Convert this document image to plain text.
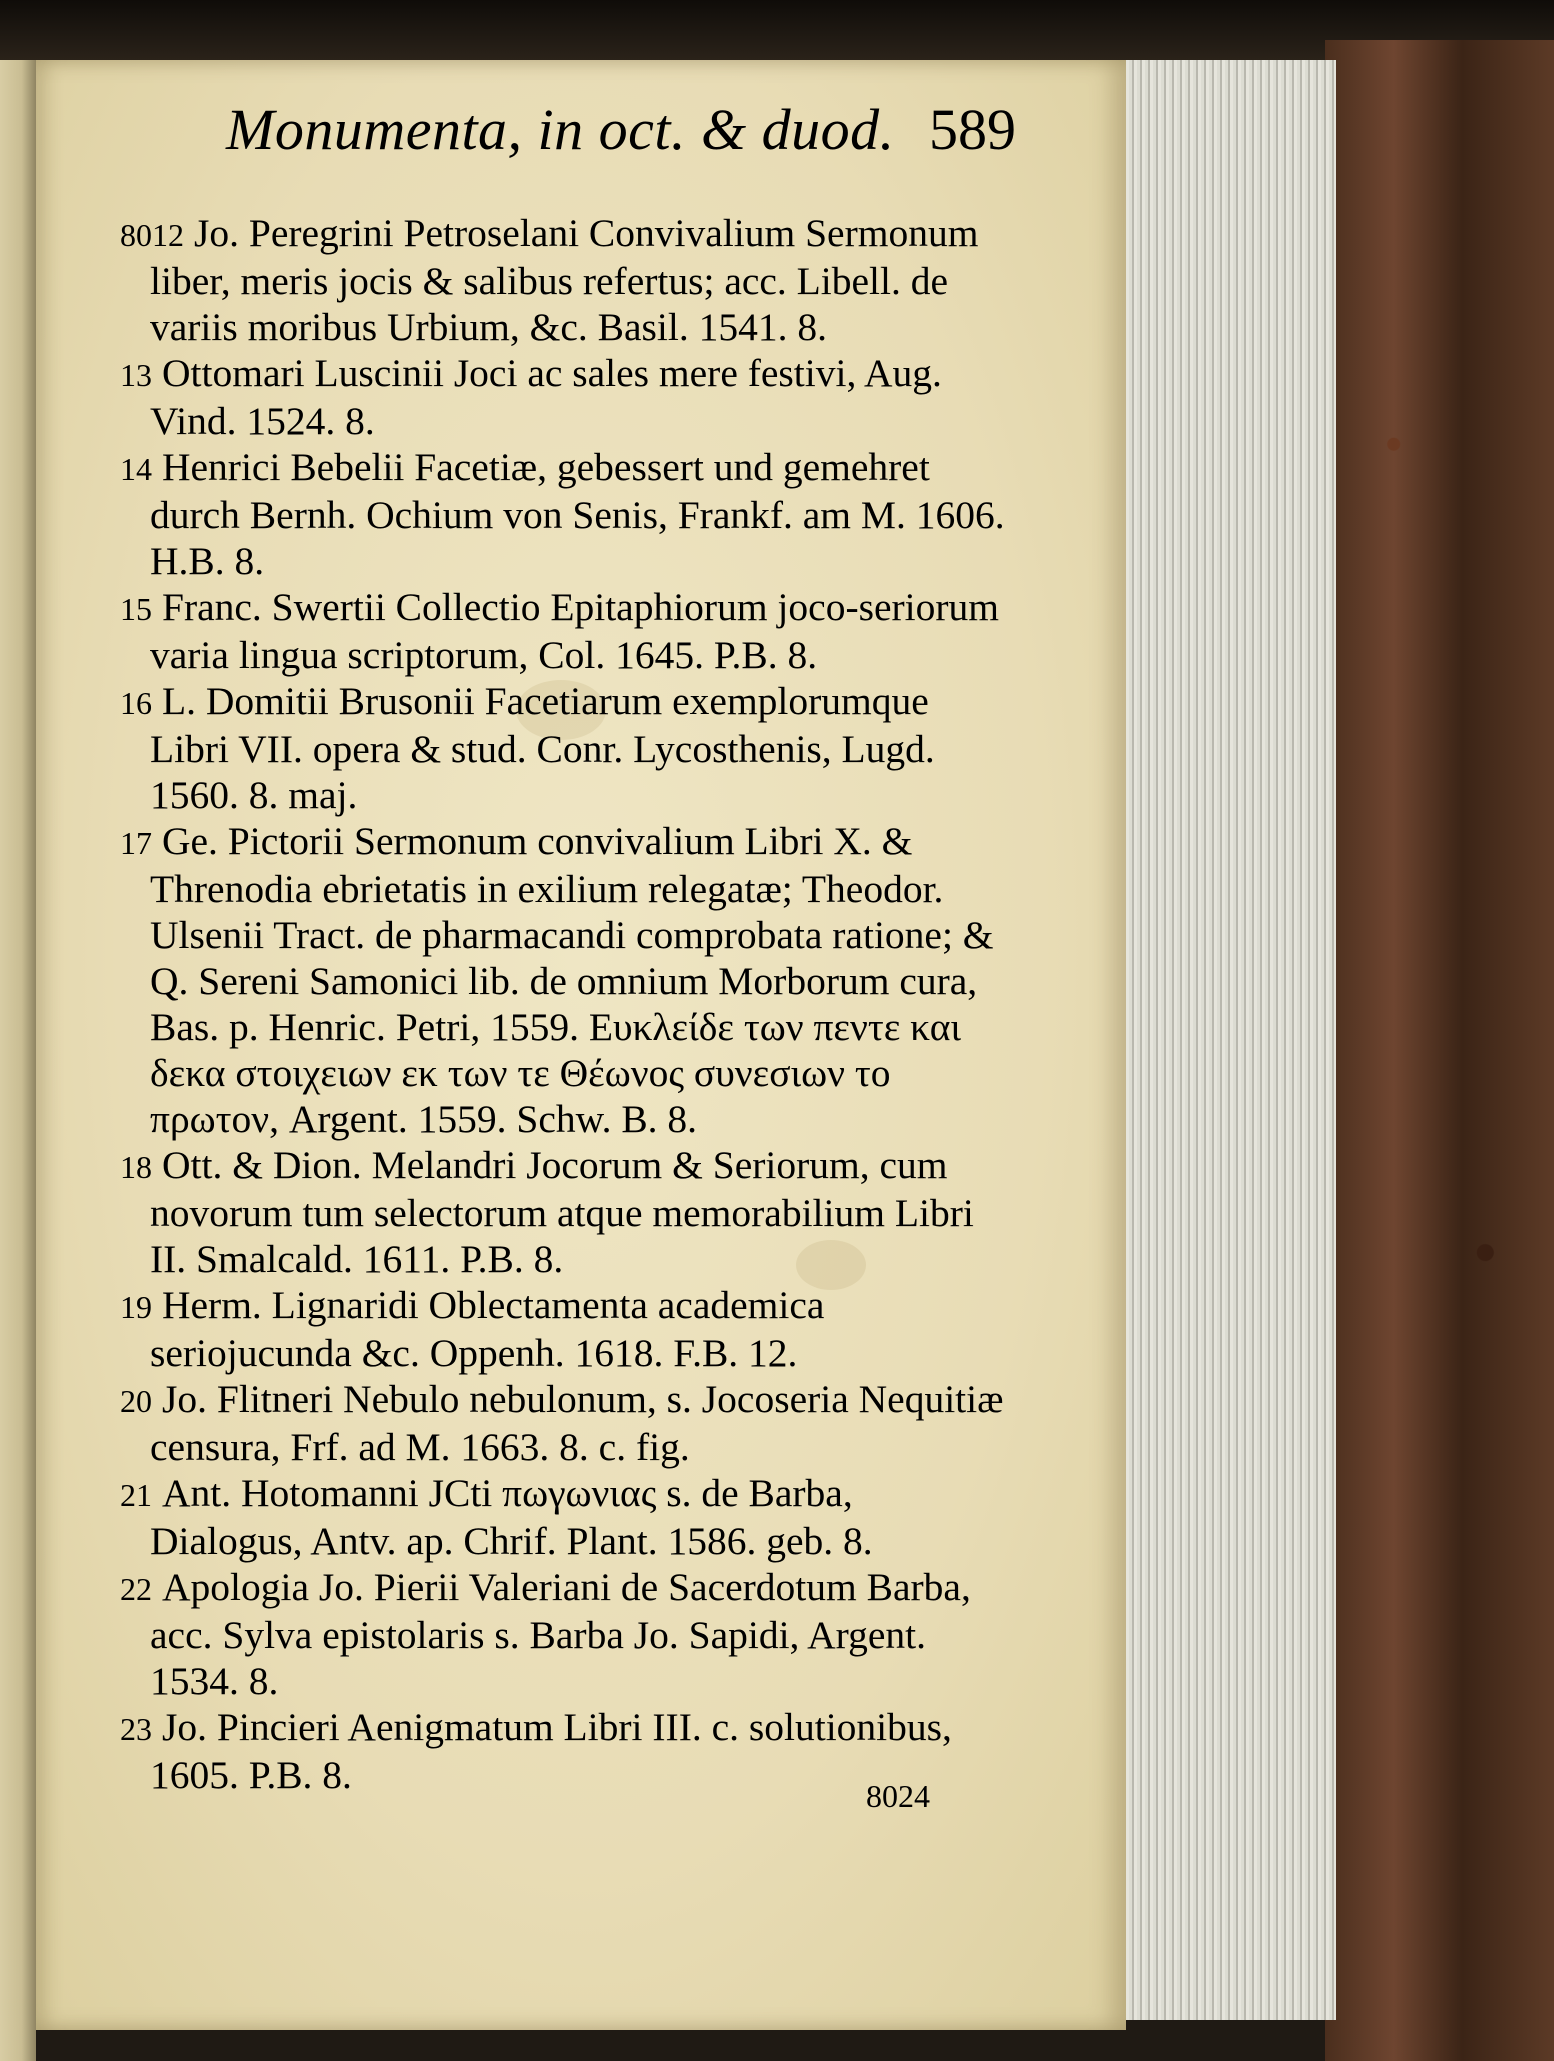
Monumenta, in oct. & duod. 589

8012 Jo. Peregrini Petroselani Convivalium Sermonum liber, meris jocis & salibus refertus; acc. Libell. de variis moribus Urbium, &c. Basil. 1541. 8.

13 Ottomari Luscinii Joci ac sales mere festivi, Aug. Vind. 1524. 8.

14 Henrici Bebelii Facetiæ, gebessert und gemehret durch Bernh. Ochium von Senis, Frankf. am M. 1606. H.B. 8.

15 Franc. Swertii Collectio Epitaphiorum joco-seriorum varia lingua scriptorum, Col. 1645. P.B. 8.

16 L. Domitii Brusonii Facetiarum exemplorumque Libri VII. opera & stud. Conr. Lycosthenis, Lugd. 1560. 8. maj.

17 Ge. Pictorii Sermonum convivalium Libri X. & Threnodia ebrietatis in exilium relegatæ; Theodor. Ulsenii Tract. de pharmacandi comprobata ratione; & Q. Sereni Samonici lib. de omnium Morborum cura, Bas. p. Henric. Petri, 1559. Ευκλείδε των πεντε και δεκα στοιχειων εκ των τε Θέωνος συνεσιων το πρωτον, Argent. 1559. Schw. B. 8.

18 Ott. & Dion. Melandri Jocorum & Seriorum, cum novorum tum selectorum atque memorabilium Libri II. Smalcald. 1611. P.B. 8.

19 Herm. Lignaridi Oblectamenta academica seriojucunda &c. Oppenh. 1618. F.B. 12.

20 Jo. Flitneri Nebulo nebulonum, s. Jocoseria Nequitiæ censura, Frf. ad M. 1663. 8. c. fig.

21 Ant. Hotomanni JCti πωγωνιας s. de Barba, Dialogus, Antv. ap. Chrif. Plant. 1586. geb. 8.

22 Apologia Jo. Pierii Valeriani de Sacerdotum Barba, acc. Sylva epistolaris s. Barba Jo. Sapidi, Argent. 1534. 8.

23 Jo. Pincieri Aenigmatum Libri III. c. solutionibus, 1605. P.B. 8.	8024
